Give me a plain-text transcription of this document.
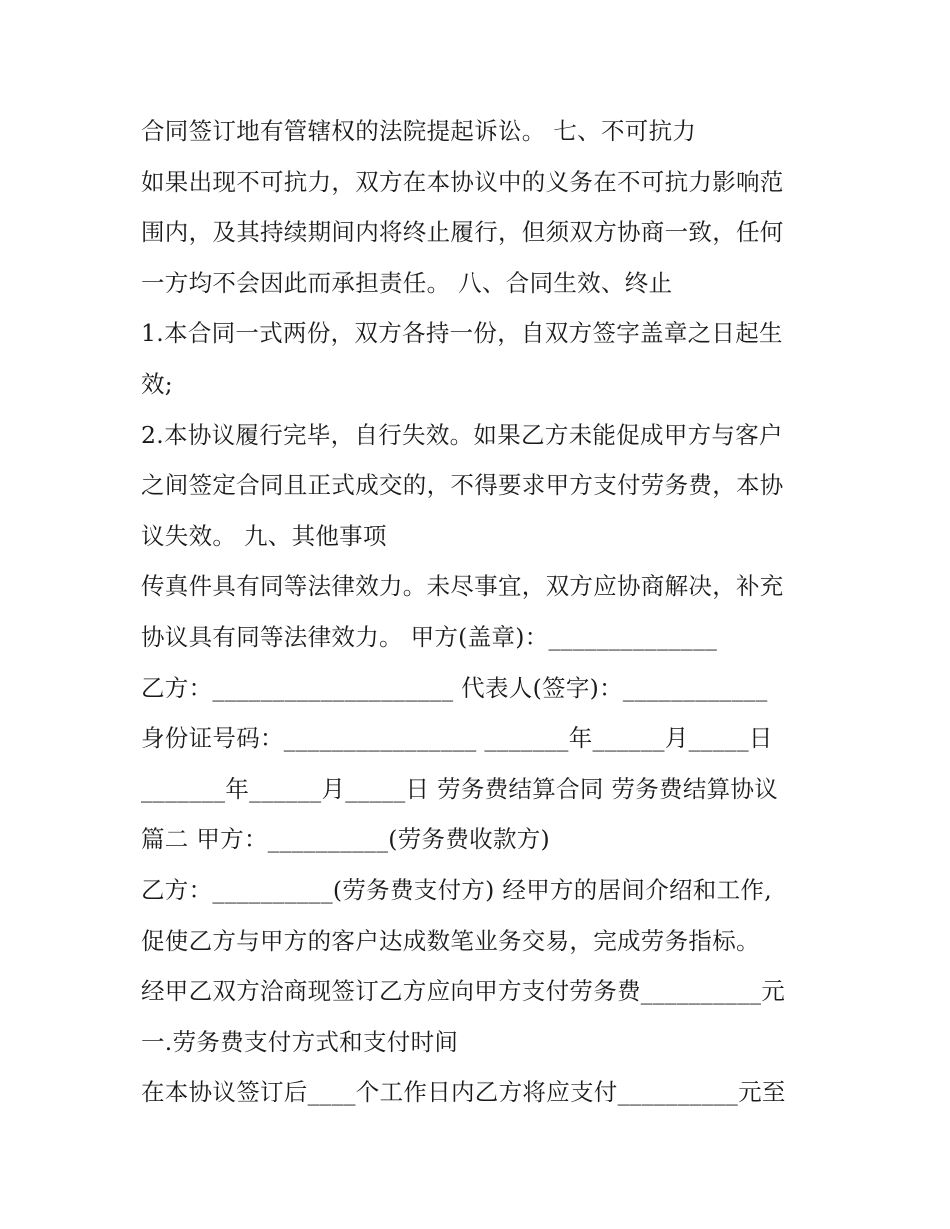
合同签订地有管辖权的法院提起诉讼。 七、不可抗力
如果出现不可抗力，双方在本协议中的义务在不可抗力影响范
围内，及其持续期间内将终止履行，但须双方协商一致，任何
一方均不会因此而承担责任。 八、合同生效、终止
1.本合同一式两份，双方各持一份，自双方签字盖章之日起生
效;
2.本协议履行完毕，自行失效。如果乙方未能促成甲方与客户
之间签定合同且正式成交的，不得要求甲方支付劳务费，本协
议失效。 九、其他事项
传真件具有同等法律效力。未尽事宜，双方应协商解决，补充
协议具有同等法律效力。 甲方(盖章)：______________
乙方：____________________ 代表人(签字)：____________
身份证号码：________________ _______年______月_____日
_______年______月_____日 劳务费结算合同 劳务费结算协议
篇二 甲方：__________(劳务费收款方)
乙方：__________(劳务费支付方) 经甲方的居间介绍和工作,
促使乙方与甲方的客户达成数笔业务交易，完成劳务指标。
经甲乙双方洽商现签订乙方应向甲方支付劳务费__________元
一.劳务费支付方式和支付时间
在本协议签订后____个工作日内乙方将应支付__________元至
